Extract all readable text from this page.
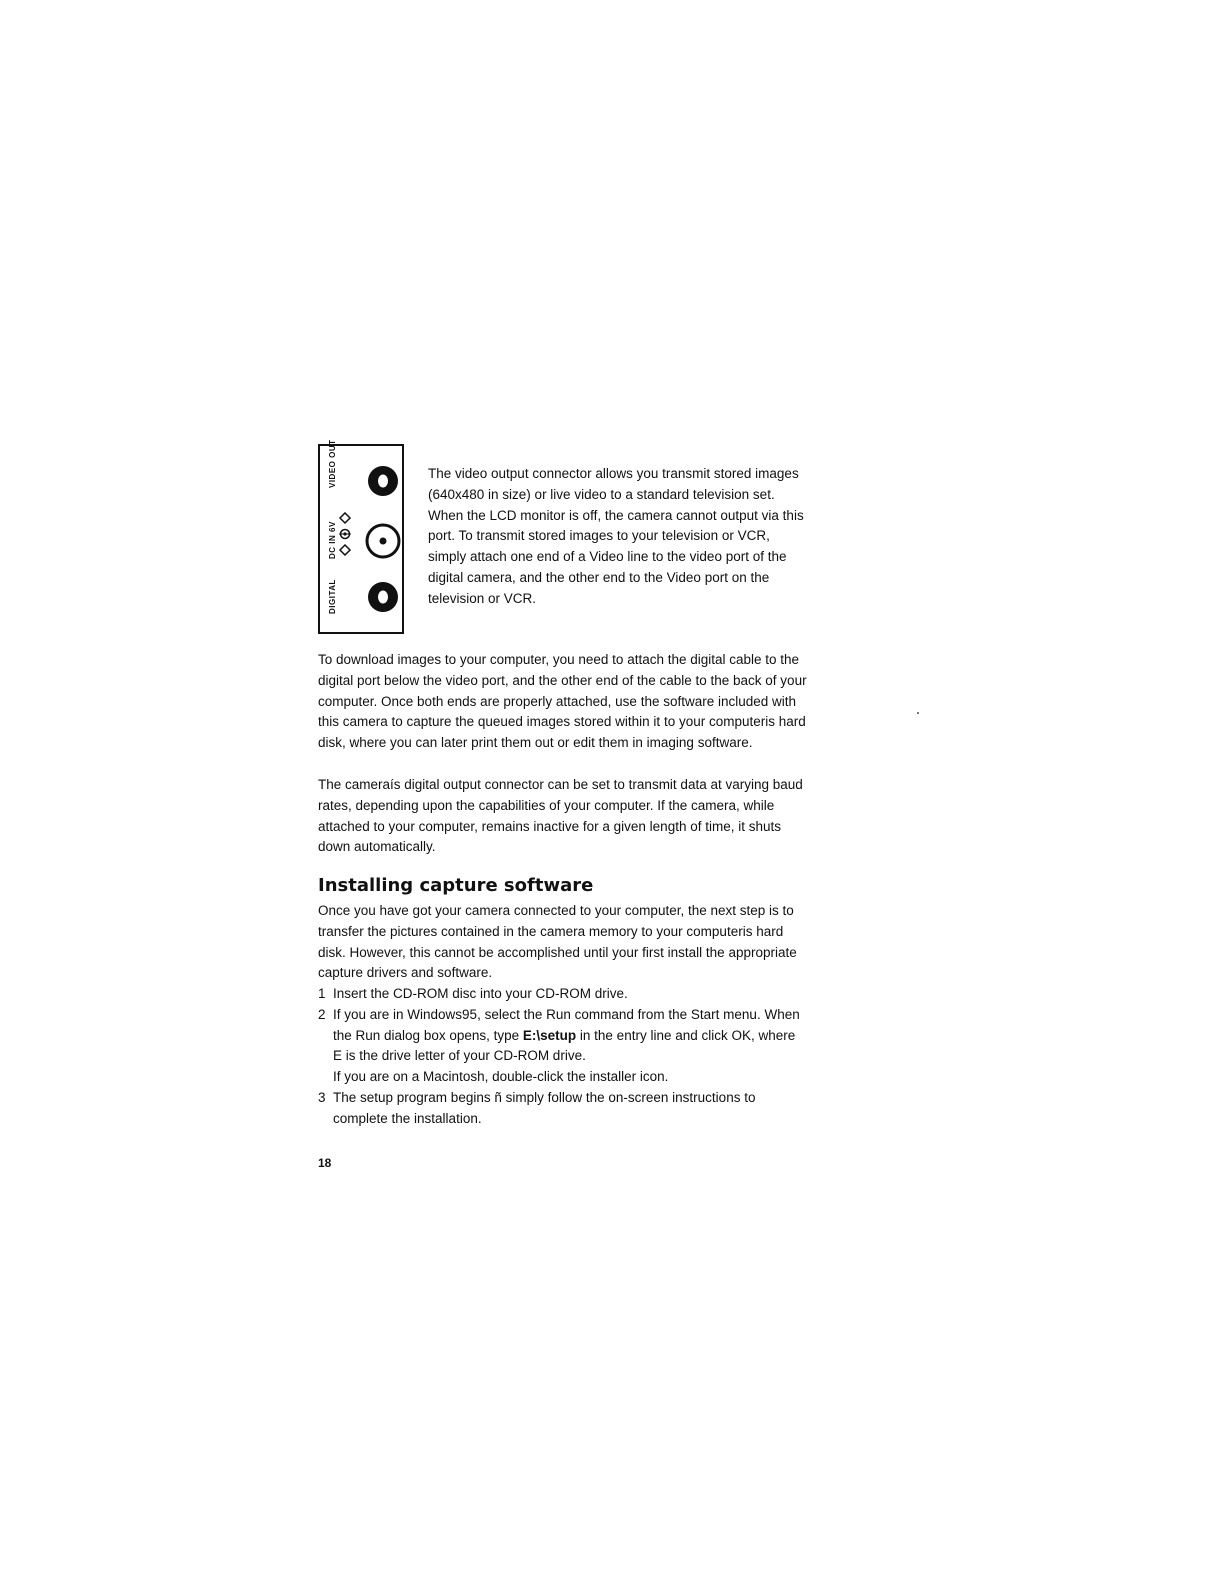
VIDEO OUT
DC IN 6V
DIGITAL

The video output connector allows you transmit stored images (640x480 in size) or live video to a standard television set. When the LCD monitor is off, the camera cannot output via this port. To transmit stored images to your television or VCR, simply attach one end of a Video line to the video port of the digital camera, and the other end to the Video port on the television or VCR.

To download images to your computer, you need to attach the digital cable to the digital port below the video port, and the other end of the cable to the back of your computer. Once both ends are properly attached, use the software included with this camera to capture the queued images stored within it to your computeris hard disk, where you can later print them out or edit them in imaging software.

The cameraís digital output connector can be set to transmit data at varying baud rates, depending upon the capabilities of your computer. If the camera, while attached to your computer, remains inactive for a given length of time, it shuts down automatically.

Installing capture software

Once you have got your camera connected to your computer, the next step is to transfer the pictures contained in the camera memory to your computeris hard disk. However, this cannot be accomplished until your first install the appropriate capture drivers and software.

1 Insert the CD-ROM disc into your CD-ROM drive.
2 If you are in Windows95, select the Run command from the Start menu. When the Run dialog box opens, type E:\setup in the entry line and click OK, where E is the drive letter of your CD-ROM drive.
If you are on a Macintosh, double-click the installer icon.
3 The setup program begins ñ simply follow the on-screen instructions to complete the installation.
18
